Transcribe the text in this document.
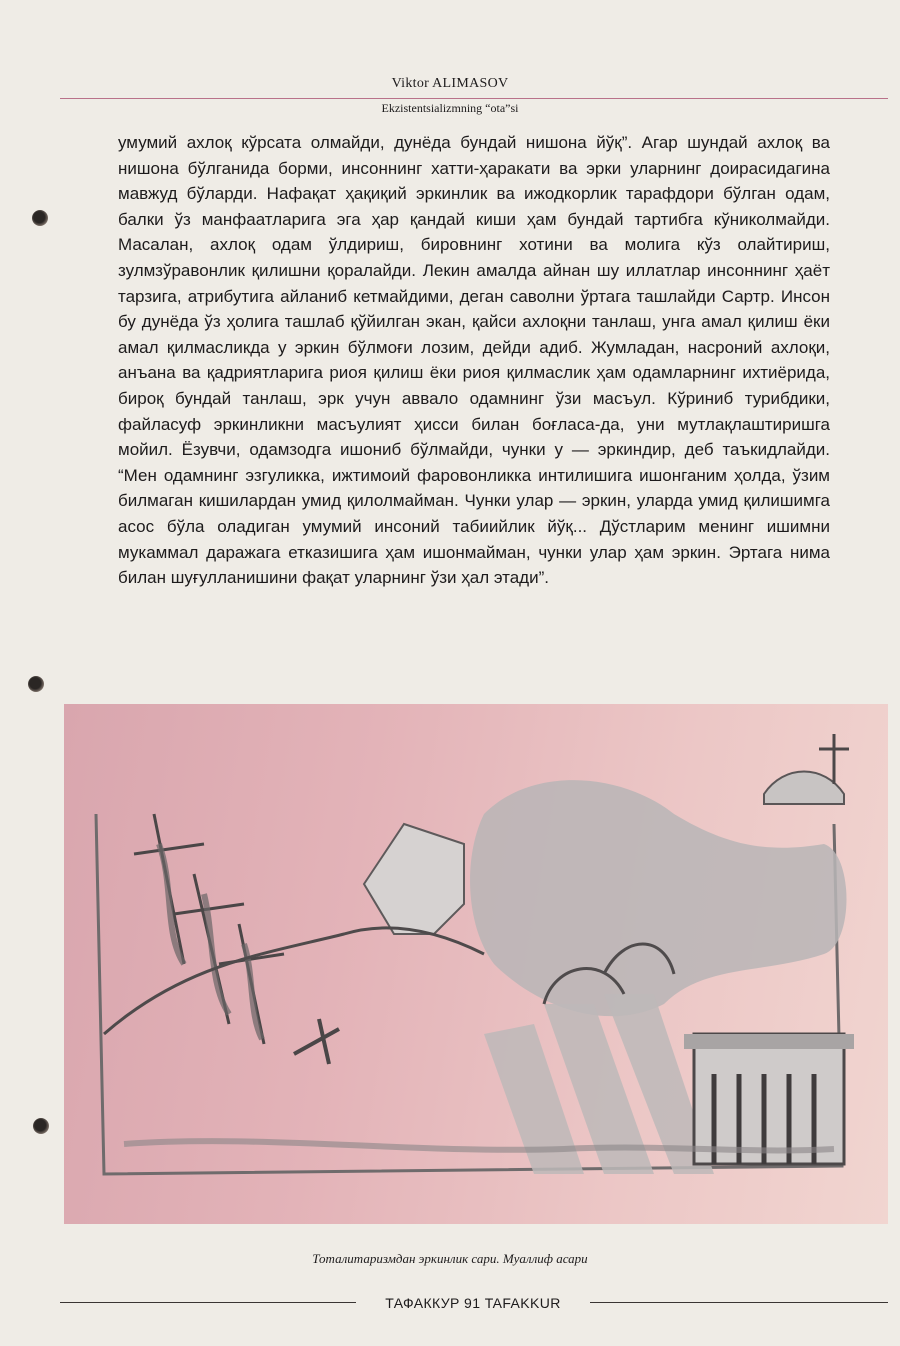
Viktor ALIMASOV
Ekzistentsializmning “ota”si

умумий ахлоқ кўрсата олмайди, дунёда бундай нишона йўқ”. Агар шундай ахлоқ ва нишона бўлганида борми, инсоннинг хатти-ҳаракати ва эрки уларнинг доирасидагина мавжуд бўларди. Нафақат ҳақиқий эркинлик ва ижодкорлик тарафдори бўлган одам, балки ўз манфаатларига эга ҳар қандай киши ҳам бундай тартибга кўниколмайди. Масалан, ахлоқ одам ўлдириш, бировнинг хотини ва молига кўз олайтириш, зулмзўравонлик қилишни қоралайди. Лекин амалда айнан шу иллатлар инсоннинг ҳаёт тарзига, атрибутига айланиб кетмайдими, деган саволни ўртага ташлайди Сартр. Инсон бу дунёда ўз ҳолига ташлаб қўйилган экан, қайси ахлоқни танлаш, унга амал қилиш ёки амал қилмасликда у эркин бўлмоғи лозим, дейди адиб. Жумладан, насроний ахлоқи, анъана ва қадриятларига риоя қилиш ёки риоя қилмаслик ҳам одамларнинг ихтиёрида, бироқ бундай танлаш, эрк учун аввало одамнинг ўзи масъул. Кўриниб турибдики, файласуф эркинликни масъулият ҳисси билан боғласа-да, уни мутлақлаштиришга мойил. Ёзувчи, одамзодга ишониб бўлмайди, чунки у — эркиндир, деб таъкидлайди. “Мен одамнинг эзгуликка, ижтимоий фаровонликка интилишига ишонганим ҳолда, ўзим билмаган кишилардан умид қилолмайман. Чунки улар — эркин, уларда умид қилишимга асос бўла оладиган умумий инсоний табиийлик йўқ... Дўстларим менинг ишимни мукаммал даражага етказишига ҳам ишонмайман, чунки улар ҳам эркин. Эртага нима билан шуғулланишини фақат уларнинг ўзи ҳал этади”.

Тоталитаризмдан эркинлик сари. Муаллиф асари
ТАФАККУР 91 TAFAKKUR
